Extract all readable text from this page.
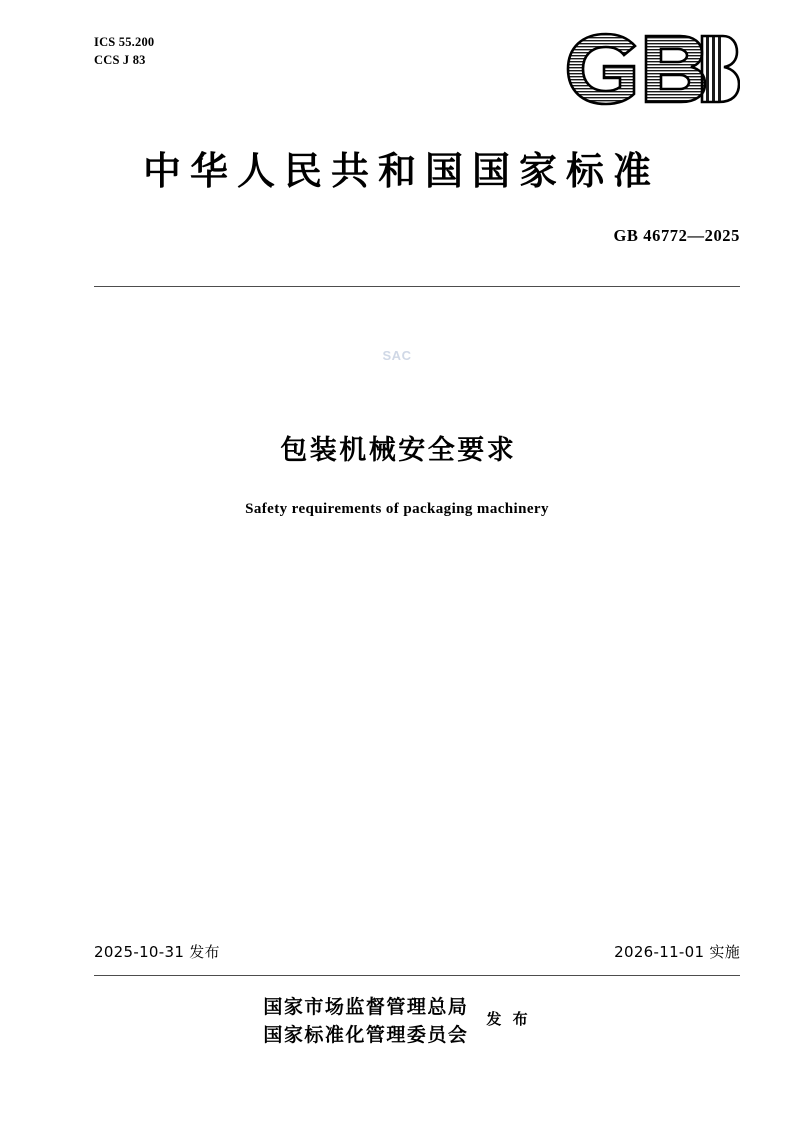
ICS 55.200
CCS J 83
中华人民共和国国家标准
GB 46772—2025
SAC
包装机械安全要求
Safety requirements of packaging machinery
2025-10-31 发布	2026-11-01 实施
国家市场监督管理总局
国家标准化管理委员会
发 布
